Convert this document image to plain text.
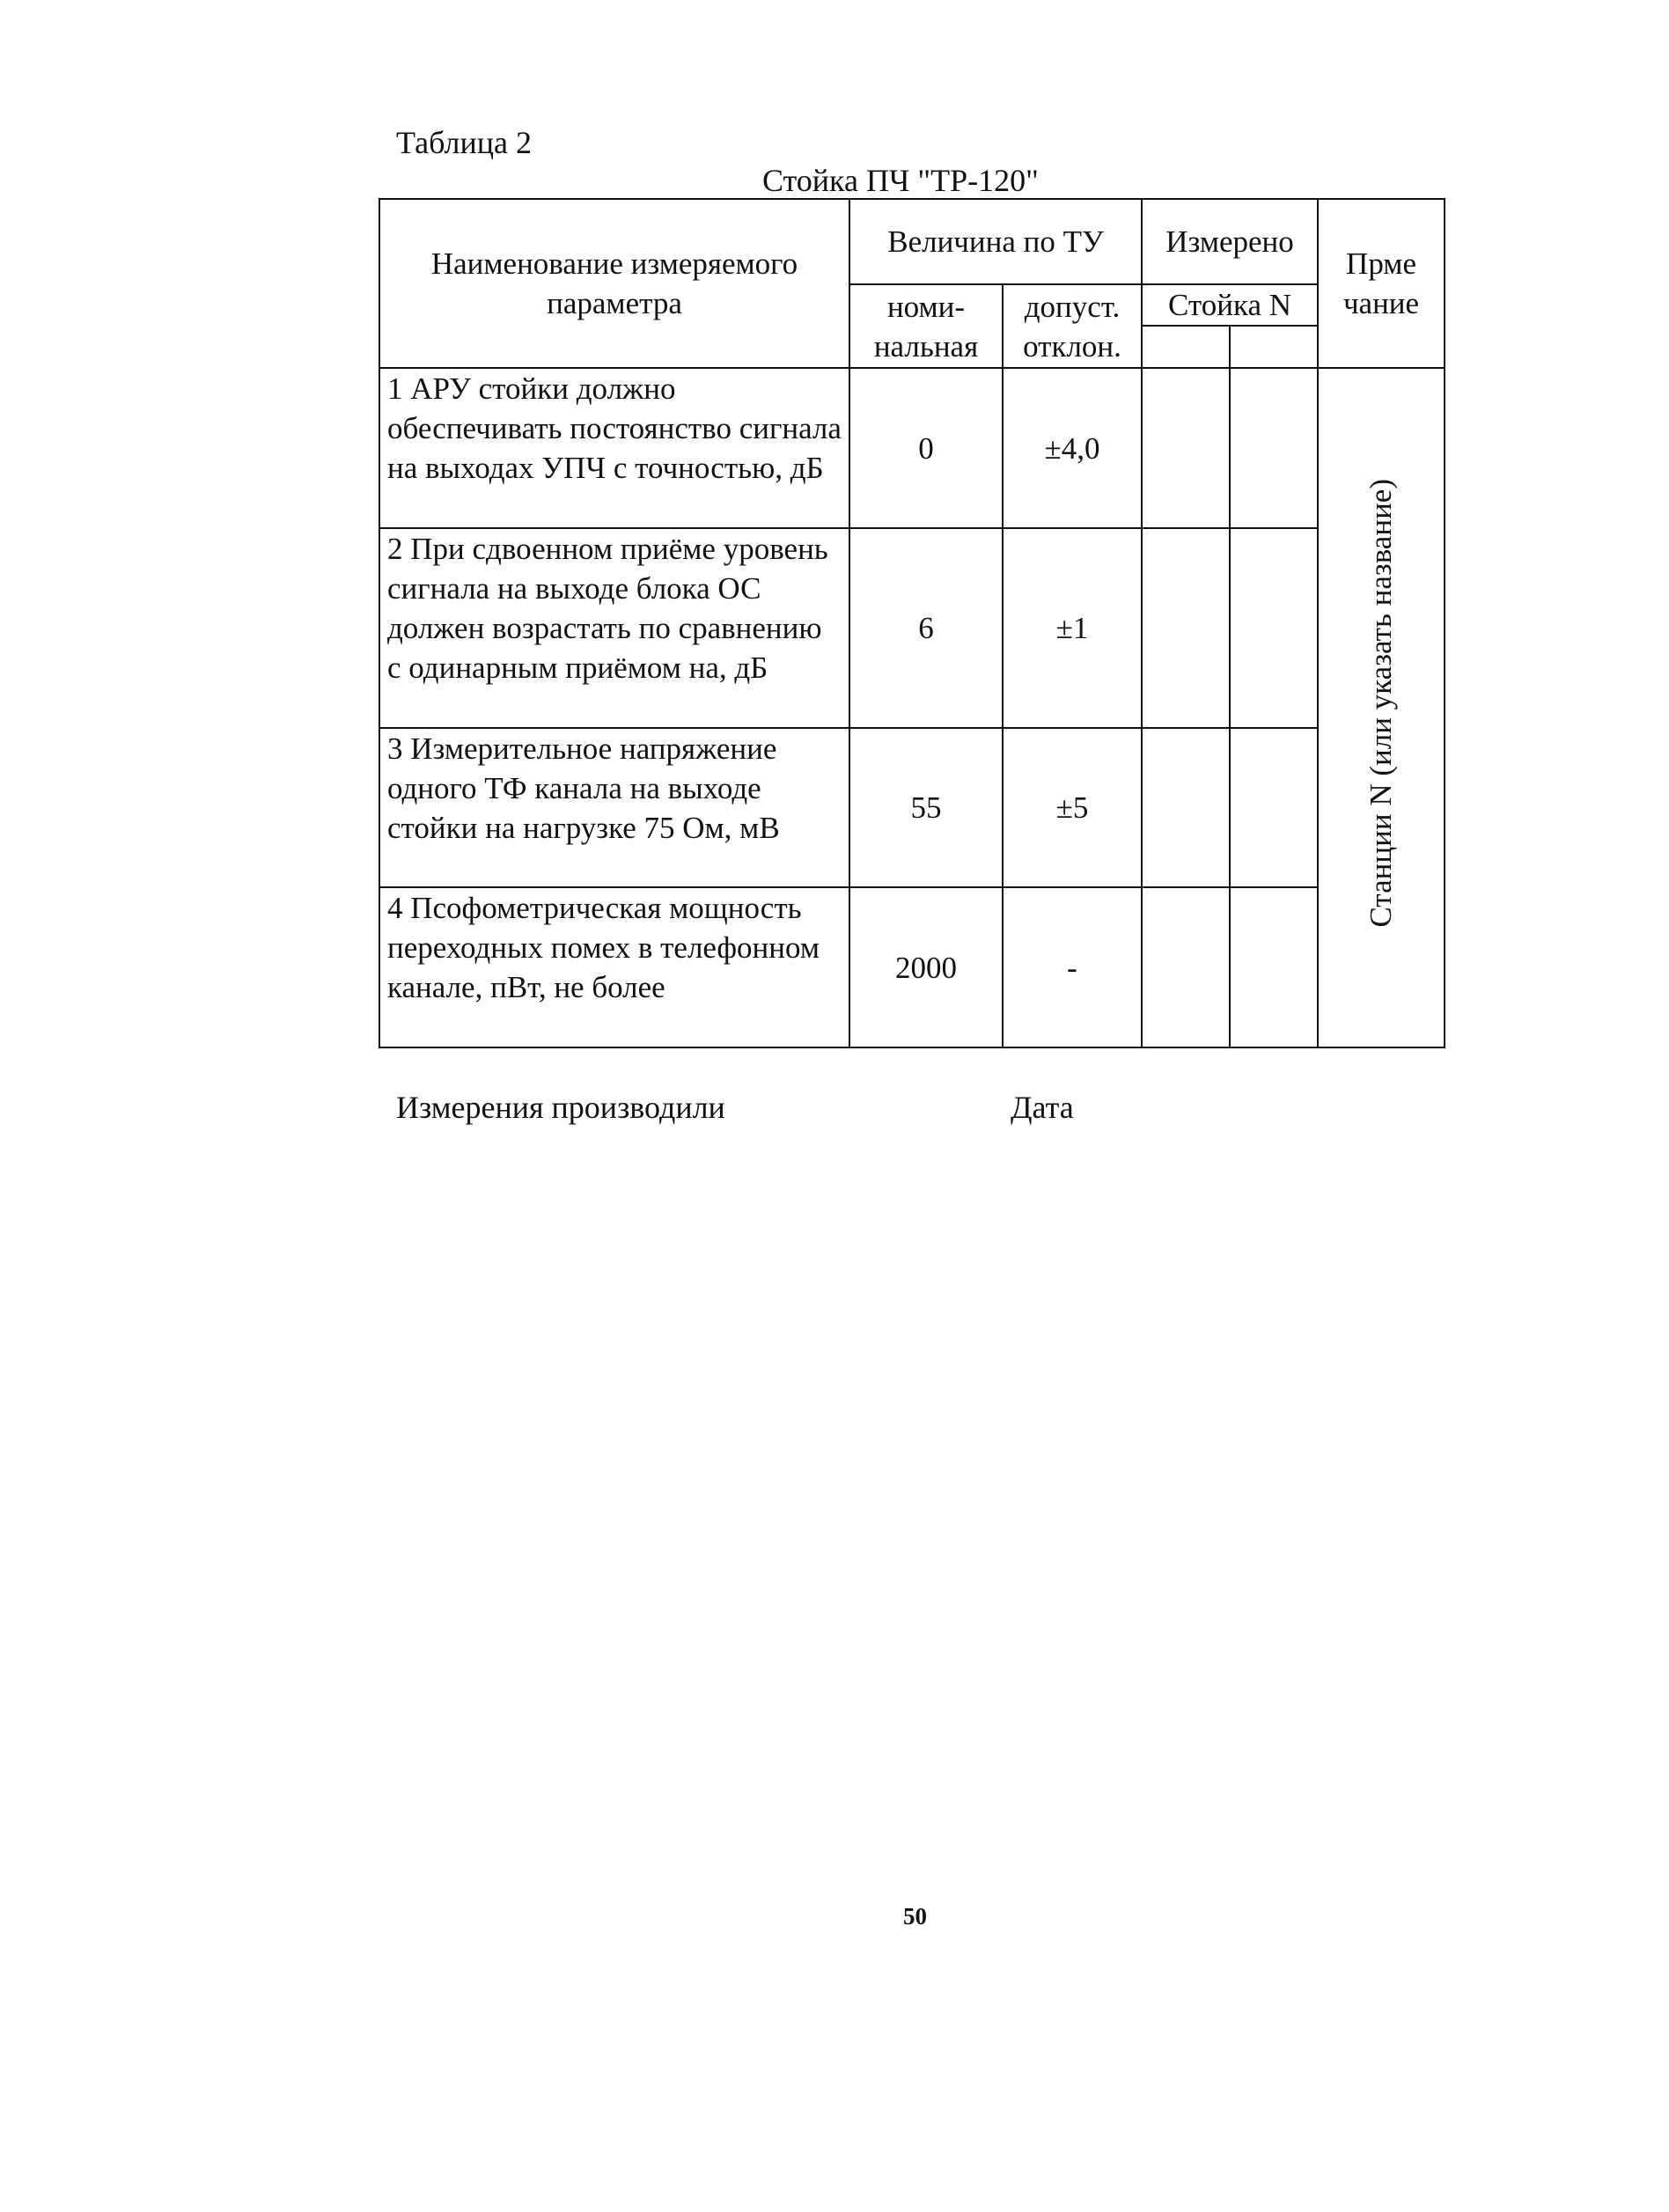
Таблица 2
Стойка ПЧ "ТР-120"
Наименование измеряемого параметра	Величина по ТУ		Измерено		Прме чание
	номи-нальная	допуст. отклон.	Стойка N		

1 АРУ стойки должно обеспечивать постоянство сигнала на выходах УПЧ с точностью, дБ	0	±4,0			Станции N (или указать название)
2 При сдвоенном приёме уровень сигнала на выходе блока ОС должен возрастать по сравнению с одинарным приёмом на, дБ	6	±1			
3 Измерительное напряжение одного ТФ канала на выходе стойки на нагрузке 75 Ом, мВ	55	±5			
4 Псофометрическая мощность переходных помех в телефонном канале, пВт, не более	2000	-			
Измерения производили	Дата
50
